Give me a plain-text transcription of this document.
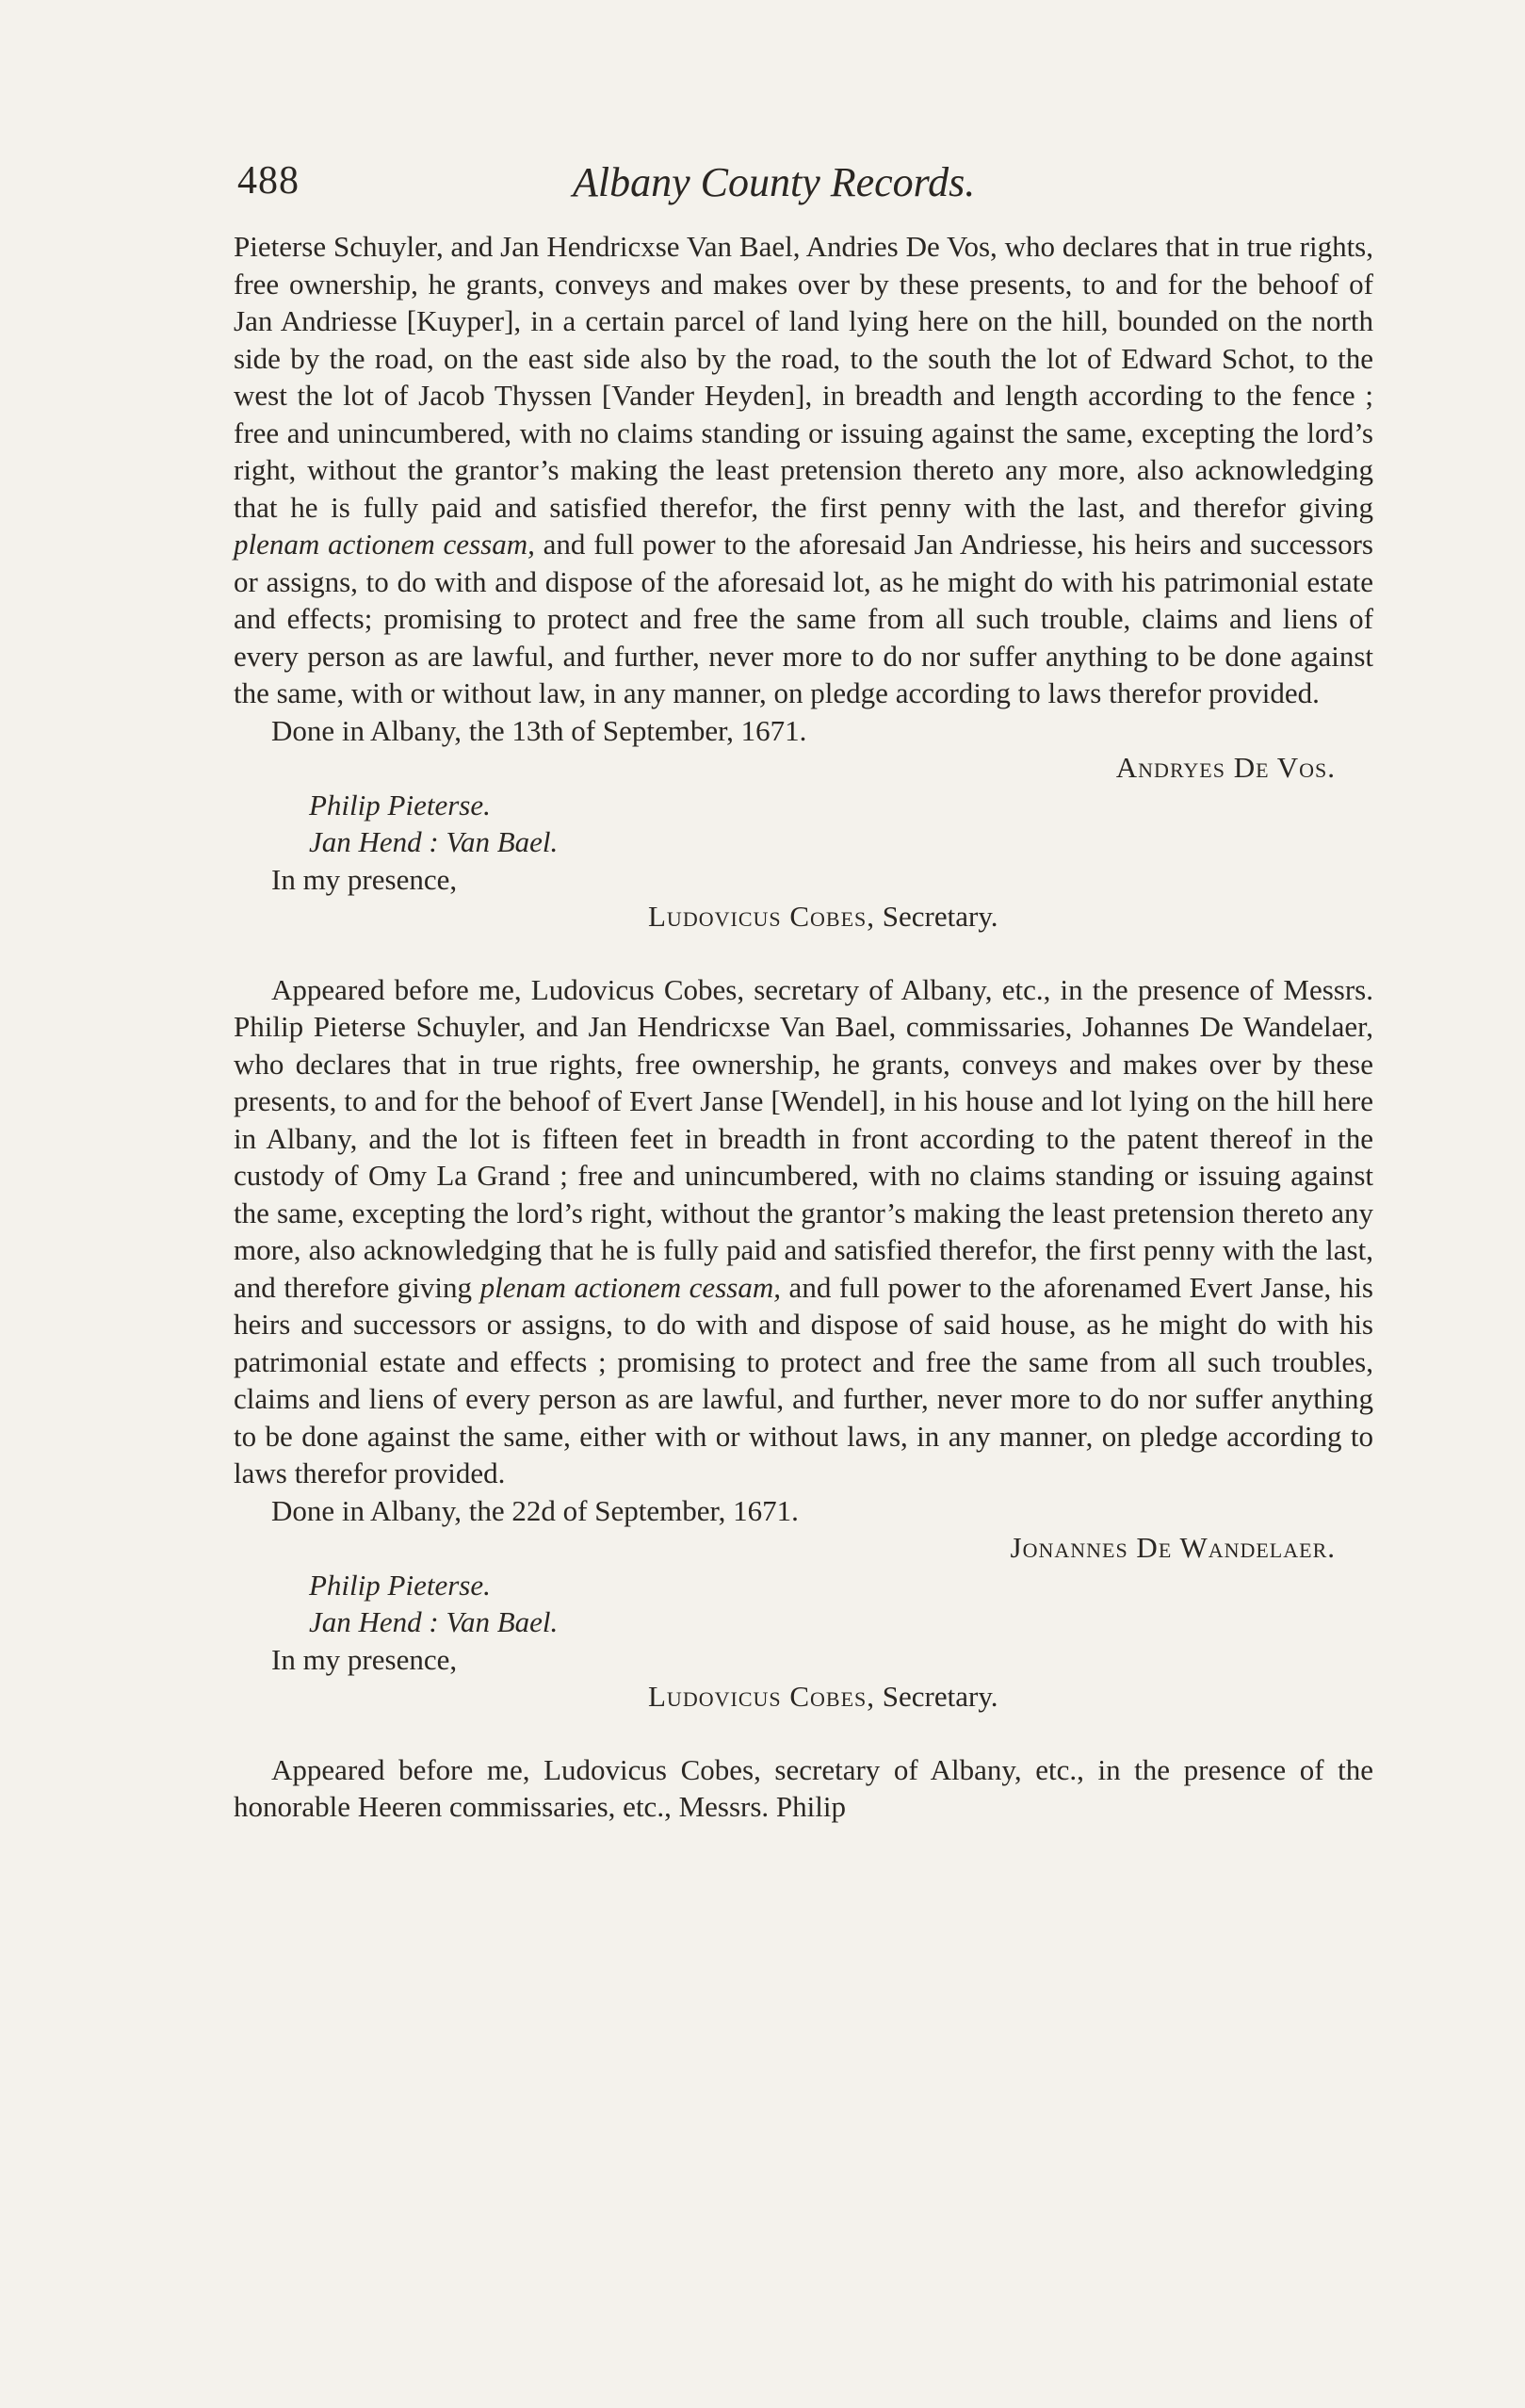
488	Albany County Records.

Pieterse Schuyler, and Jan Hendricxse Van Bael, Andries De Vos, who declares that in true rights, free ownership, he grants, conveys and makes over by these presents, to and for the behoof of Jan Andriesse [Kuyper], in a certain parcel of land lying here on the hill, bounded on the north side by the road, on the east side also by the road, to the south the lot of Edward Schot, to the west the lot of Jacob Thyssen [Vander Heyden], in breadth and length according to the fence ; free and unincumbered, with no claims standing or issuing against the same, excepting the lord’s right, without the grantor’s making the least pretension thereto any more, also acknowledging that he is fully paid and satisfied therefor, the first penny with the last, and therefor giving plenam actionem cessam, and full power to the aforesaid Jan Andriesse, his heirs and successors or assigns, to do with and dispose of the aforesaid lot, as he might do with his patrimonial estate and effects; promising to protect and free the same from all such trouble, claims and liens of every person as are lawful, and further, never more to do nor suffer anything to be done against the same, with or without law, in any manner, on pledge according to laws therefor provided.

Done in Albany, the 13th of September, 1671.
Andryes De Vos.
Philip Pieterse.
Jan Hend : Van Bael.
In my presence,
Ludovicus Cobes, Secretary.

Appeared before me, Ludovicus Cobes, secretary of Albany, etc., in the presence of Messrs. Philip Pieterse Schuyler, and Jan Hendricxse Van Bael, commissaries, Johannes De Wandelaer, who declares that in true rights, free ownership, he grants, conveys and makes over by these presents, to and for the behoof of Evert Janse [Wendel], in his house and lot lying on the hill here in Albany, and the lot is fifteen feet in breadth in front according to the patent thereof in the custody of Omy La Grand ; free and unincumbered, with no claims standing or issuing against the same, excepting the lord’s right, without the grantor’s making the least pretension thereto any more, also acknowledging that he is fully paid and satisfied therefor, the first penny with the last, and therefore giving plenam actionem cessam, and full power to the aforenamed Evert Janse, his heirs and successors or assigns, to do with and dispose of said house, as he might do with his patrimonial estate and effects ; promising to protect and free the same from all such troubles, claims and liens of every person as are lawful, and further, never more to do nor suffer anything to be done against the same, either with or without laws, in any manner, on pledge according to laws therefor provided.

Done in Albany, the 22d of September, 1671.
Jonannes De Wandelaer.
Philip Pieterse.
Jan Hend : Van Bael.
In my presence,
Ludovicus Cobes, Secretary.

Appeared before me, Ludovicus Cobes, secretary of Albany, etc., in the presence of the honorable Heeren commissaries, etc., Messrs. Philip
